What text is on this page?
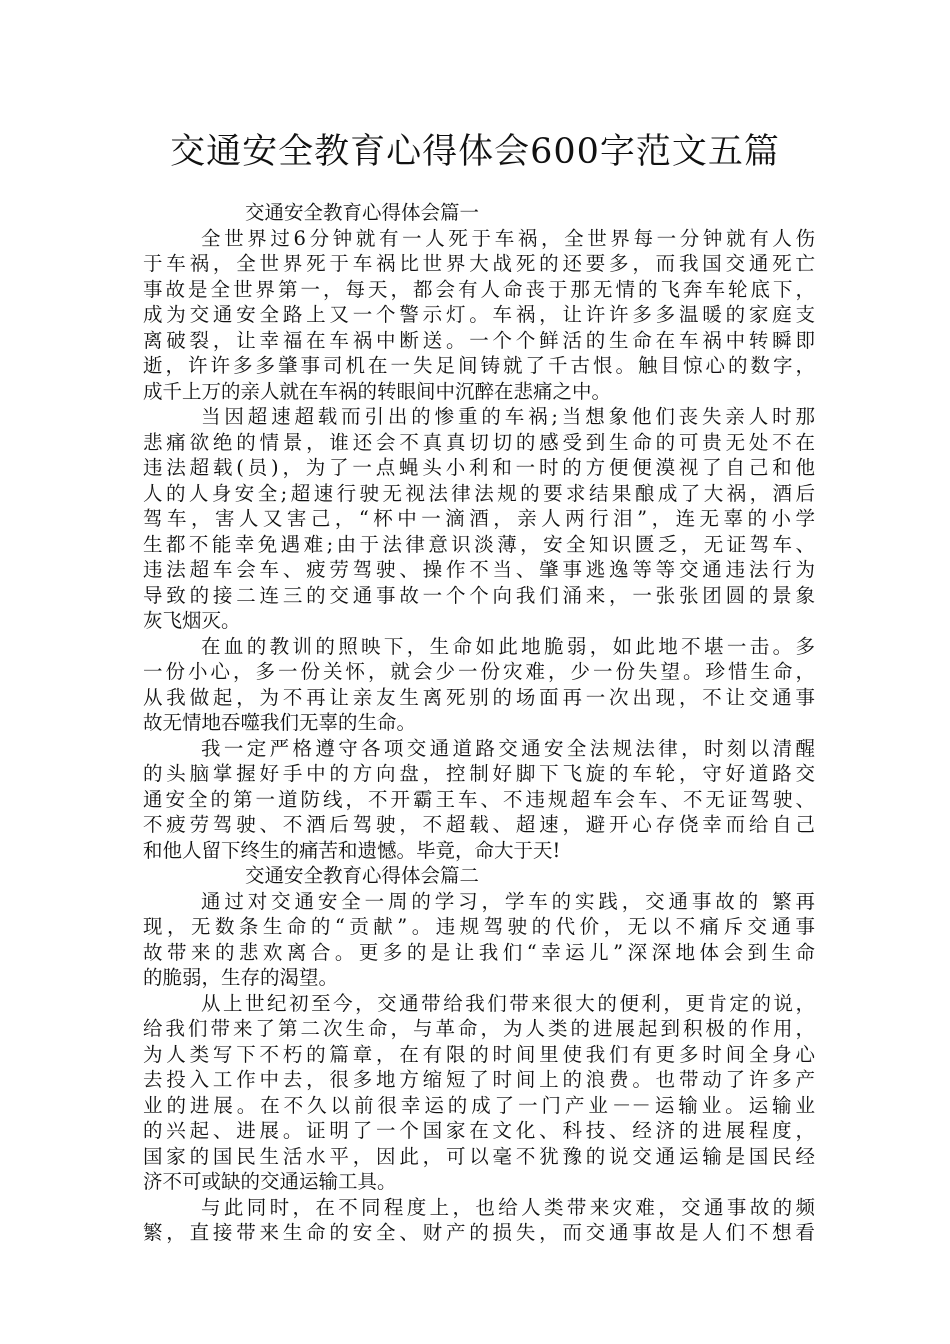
交通安全教育心得体会600字范文五篇
交通安全教育心得体会篇一
全世界过6分钟就有一人死于车祸，全世界每一分钟就有人伤
于车祸，全世界死于车祸比世界大战死的还要多，而我国交通死亡
事故是全世界第一，每天，都会有人命丧于那无情的飞奔车轮底下，
成为交通安全路上又一个警示灯。车祸，让许许多多温暖的家庭支
离破裂，让幸福在车祸中断送。一个个鲜活的生命在车祸中转瞬即
逝，许许多多肇事司机在一失足间铸就了千古恨。触目惊心的数字，
成千上万的亲人就在车祸的转眼间中沉醉在悲痛之中。
当因超速超载而引出的惨重的车祸;当想象他们丧失亲人时那
悲痛欲绝的情景，谁还会不真真切切的感受到生命的可贵无处不在
违法超载(员)，为了一点蝇头小利和一时的方便便漠视了自己和他
人的人身安全;超速行驶无视法律法规的要求结果酿成了大祸，酒后
驾车，害人又害己，“杯中一滴酒，亲人两行泪”，连无辜的小学
生都不能幸免遇难;由于法律意识淡薄，安全知识匮乏，无证驾车、
违法超车会车、疲劳驾驶、操作不当、肇事逃逸等等交通违法行为
导致的接二连三的交通事故一个个向我们涌来，一张张团圆的景象
灰飞烟灭。
在血的教训的照映下，生命如此地脆弱，如此地不堪一击。多
一份小心，多一份关怀，就会少一份灾难，少一份失望。珍惜生命，
从我做起，为不再让亲友生离死别的场面再一次出现，不让交通事
故无情地吞噬我们无辜的生命。
我一定严格遵守各项交通道路交通安全法规法律，时刻以清醒
的头脑掌握好手中的方向盘，控制好脚下飞旋的车轮，守好道路交
通安全的第一道防线，不开霸王车、不违规超车会车、不无证驾驶、
不疲劳驾驶、不酒后驾驶，不超载、超速，避开心存侥幸而给自己
和他人留下终生的痛苦和遗憾。毕竟，命大于天!
交通安全教育心得体会篇二
通过对交通安全一周的学习，学车的实践，交通事故的 繁再
现，无数条生命的“贡献”。违规驾驶的代价，无以不痛斥交通事
故带来的悲欢离合。更多的是让我们“幸运儿”深深地体会到生命
的脆弱，生存的渴望。
从上世纪初至今，交通带给我们带来很大的便利，更肯定的说，
给我们带来了第二次生命，与革命，为人类的进展起到积极的作用，
为人类写下不朽的篇章，在有限的时间里使我们有更多时间全身心
去投入工作中去，很多地方缩短了时间上的浪费。也带动了许多产
业的进展。在不久以前很幸运的成了一门产业－－运输业。运输业
的兴起、进展。证明了一个国家在文化、科技、经济的进展程度，
国家的国民生活水平，因此，可以毫不犹豫的说交通运输是国民经
济不可或缺的交通运输工具。
与此同时，在不同程度上，也给人类带来灾难，交通事故的频
繁，直接带来生命的安全、财产的损失，而交通事故是人们不想看
